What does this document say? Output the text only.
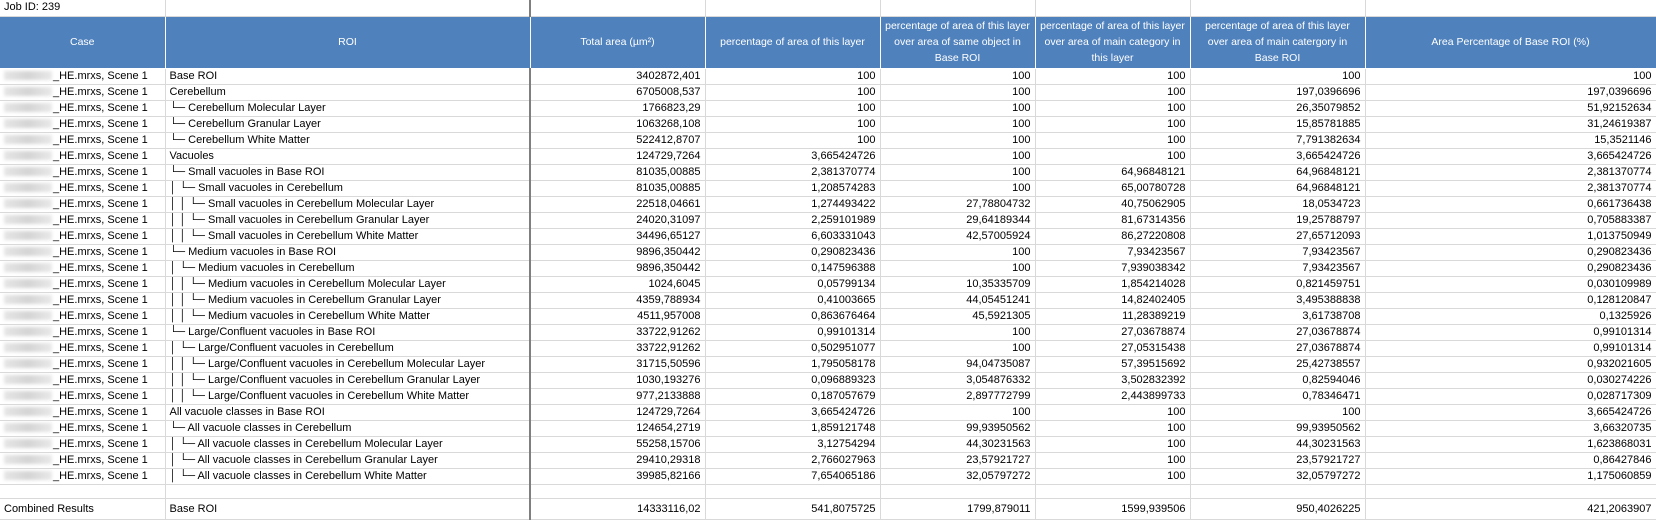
Job ID: 239							
Case	ROI	Total area (µm²)	percentage of area of this layer	percentage of area of this layer over area of same object in Base ROI	percentage of area of this layer over area of main category in this layer	percentage of area of this layer over area of main catergory in Base ROI	Area Percentage of Base ROI (%)
_HE.mrxs, Scene 1	Base ROI	3402872,401	100	100	100	100	100
_HE.mrxs, Scene 1	Cerebellum	6705008,537	100	100	100	197,0396696	197,0396696
_HE.mrxs, Scene 1	└─ Cerebellum Molecular Layer	1766823,29	100	100	100	26,35079852	51,92152634
_HE.mrxs, Scene 1	└─ Cerebellum Granular Layer	1063268,108	100	100	100	15,85781885	31,24619387
_HE.mrxs, Scene 1	└─ Cerebellum White Matter	522412,8707	100	100	100	7,791382634	15,3521146
_HE.mrxs, Scene 1	Vacuoles	124729,7264	3,665424726	100	100	3,665424726	3,665424726
_HE.mrxs, Scene 1	└─ Small vacuoles in Base ROI	81035,00885	2,381370774	100	64,96848121	64,96848121	2,381370774
_HE.mrxs, Scene 1	│ └─ Small vacuoles in Cerebellum	81035,00885	1,208574283	100	65,00780728	64,96848121	2,381370774
_HE.mrxs, Scene 1	│ │ └─ Small vacuoles in Cerebellum Molecular Layer	22518,04661	1,274493422	27,78804732	40,75062905	18,0534723	0,661736438
_HE.mrxs, Scene 1	│ │ └─ Small vacuoles in Cerebellum Granular Layer	24020,31097	2,259101989	29,64189344	81,67314356	19,25788797	0,705883387
_HE.mrxs, Scene 1	│ │ └─ Small vacuoles in Cerebellum White Matter	34496,65127	6,603331043	42,57005924	86,27220808	27,65712093	1,013750949
_HE.mrxs, Scene 1	└─ Medium vacuoles in Base ROI	9896,350442	0,290823436	100	7,93423567	7,93423567	0,290823436
_HE.mrxs, Scene 1	│ └─ Medium vacuoles in Cerebellum	9896,350442	0,147596388	100	7,939038342	7,93423567	0,290823436
_HE.mrxs, Scene 1	│ │ └─ Medium vacuoles in Cerebellum Molecular Layer	1024,6045	0,05799134	10,35335709	1,854214028	0,821459751	0,030109989
_HE.mrxs, Scene 1	│ │ └─ Medium vacuoles in Cerebellum Granular Layer	4359,788934	0,41003665	44,05451241	14,82402405	3,495388838	0,128120847
_HE.mrxs, Scene 1	│ │ └─ Medium vacuoles in Cerebellum White Matter	4511,957008	0,863676464	45,5921305	11,28389219	3,61738708	0,1325926
_HE.mrxs, Scene 1	└─ Large/Confluent vacuoles in Base ROI	33722,91262	0,99101314	100	27,03678874	27,03678874	0,99101314
_HE.mrxs, Scene 1	│ └─ Large/Confluent vacuoles in Cerebellum	33722,91262	0,502951077	100	27,05315438	27,03678874	0,99101314
_HE.mrxs, Scene 1	│ │ └─ Large/Confluent vacuoles in Cerebellum Molecular Layer	31715,50596	1,795058178	94,04735087	57,39515692	25,42738557	0,932021605
_HE.mrxs, Scene 1	│ │ └─ Large/Confluent vacuoles in Cerebellum Granular Layer	1030,193276	0,096889323	3,054876332	3,502832392	0,82594046	0,030274226
_HE.mrxs, Scene 1	│ │ └─ Large/Confluent vacuoles in Cerebellum White Matter	977,2133888	0,187057679	2,897772799	2,443899733	0,78346471	0,028717309
_HE.mrxs, Scene 1	All vacuole classes in Base ROI	124729,7264	3,665424726	100	100	100	3,665424726
_HE.mrxs, Scene 1	└─ All vacuole classes in Cerebellum	124654,2719	1,859121748	99,93950562	100	99,93950562	3,66320735
_HE.mrxs, Scene 1	│ └─ All vacuole classes in Cerebellum Molecular Layer	55258,15706	3,12754294	44,30231563	100	44,30231563	1,623868031
_HE.mrxs, Scene 1	│ └─ All vacuole classes in Cerebellum Granular Layer	29410,29318	2,766027963	23,57921727	100	23,57921727	0,86427846
_HE.mrxs, Scene 1	│ └─ All vacuole classes in Cerebellum White Matter	39985,82166	7,654065186	32,05797272	100	32,05797272	1,175060859

Combined Results	Base ROI	14333116,02	541,8075725	1799,879011	1599,939506	950,4026225	421,2063907
